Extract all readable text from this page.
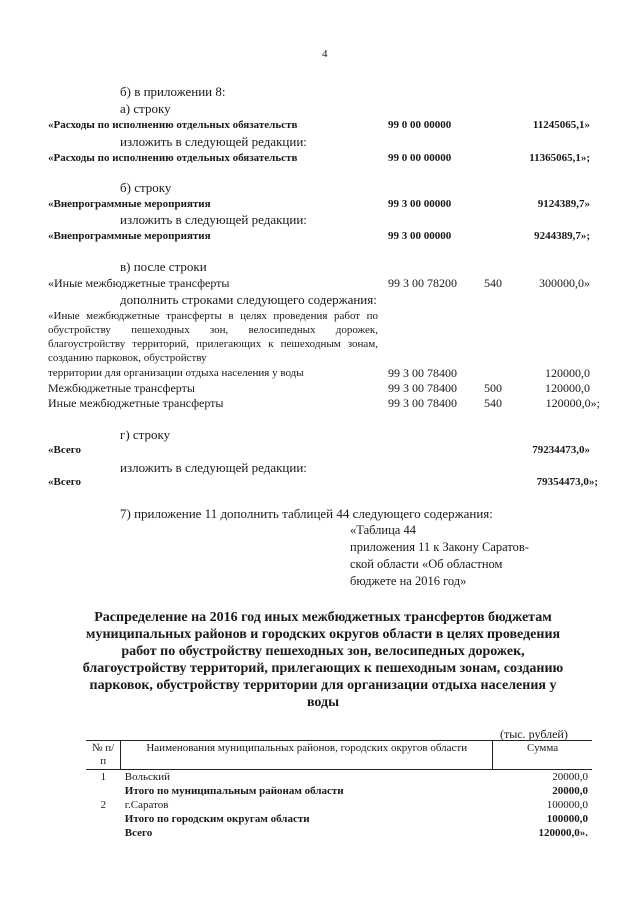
4
б) в приложении 8:
а) строку
«Расходы по исполнению отдельных обязательств	99 0 00 00000	11245065,1»
изложить в следующей редакции:
«Расходы по исполнению отдельных обязательств	99 0 00 00000	11365065,1»;
б) строку
«Внепрограммные мероприятия	99 3 00 00000	9124389,7»
изложить в следующей редакции:
«Внепрограммные мероприятия	99 3 00 00000	9244389,7»;
в) после строки
«Иные межбюджетные трансферты	99 3 00 78200 540	300000,0»
дополнить строками следующего содержания:
«Иные межбюджетные трансферты в целях проведения работ по обустройству пешеходных зон, велосипедных дорожек, благоустройству территорий, прилегающих к пешеходным зонам, созданию парковок, обустройству
территории для организации отдыха населения у воды	99 3 00 78400	120000,0
Межбюджетные трансферты	99 3 00 78400 500	120000,0
Иные межбюджетные трансферты	99 3 00 78400 540	120000,0»;
г) строку
«Всего	79234473,0»
изложить в следующей редакции:
«Всего	79354473,0»;
7) приложение 11 дополнить таблицей 44 следующего содержания:
«Таблица 44
приложения 11 к Закону Саратов-
ской области «Об областном
бюджете на 2016 год»
Распределение на 2016 год иных межбюджетных трансфертов бюджетам муниципальных районов и городских округов области в целях проведения работ по обустройству пешеходных зон, велосипедных дорожек, благоустройству территорий, прилегающих к пешеходным зонам, созданию парковок, обустройству территории для организации отдыха населения у воды
(тыс. рублей)
№ п/п	Наименования муниципальных районов, городских округов области	Сумма
1	Вольский	20000,0
	Итого по муниципальным районам области	20000,0
2	г.Саратов	100000,0
	Итого по городским округам области	100000,0
	Всего	120000,0».
